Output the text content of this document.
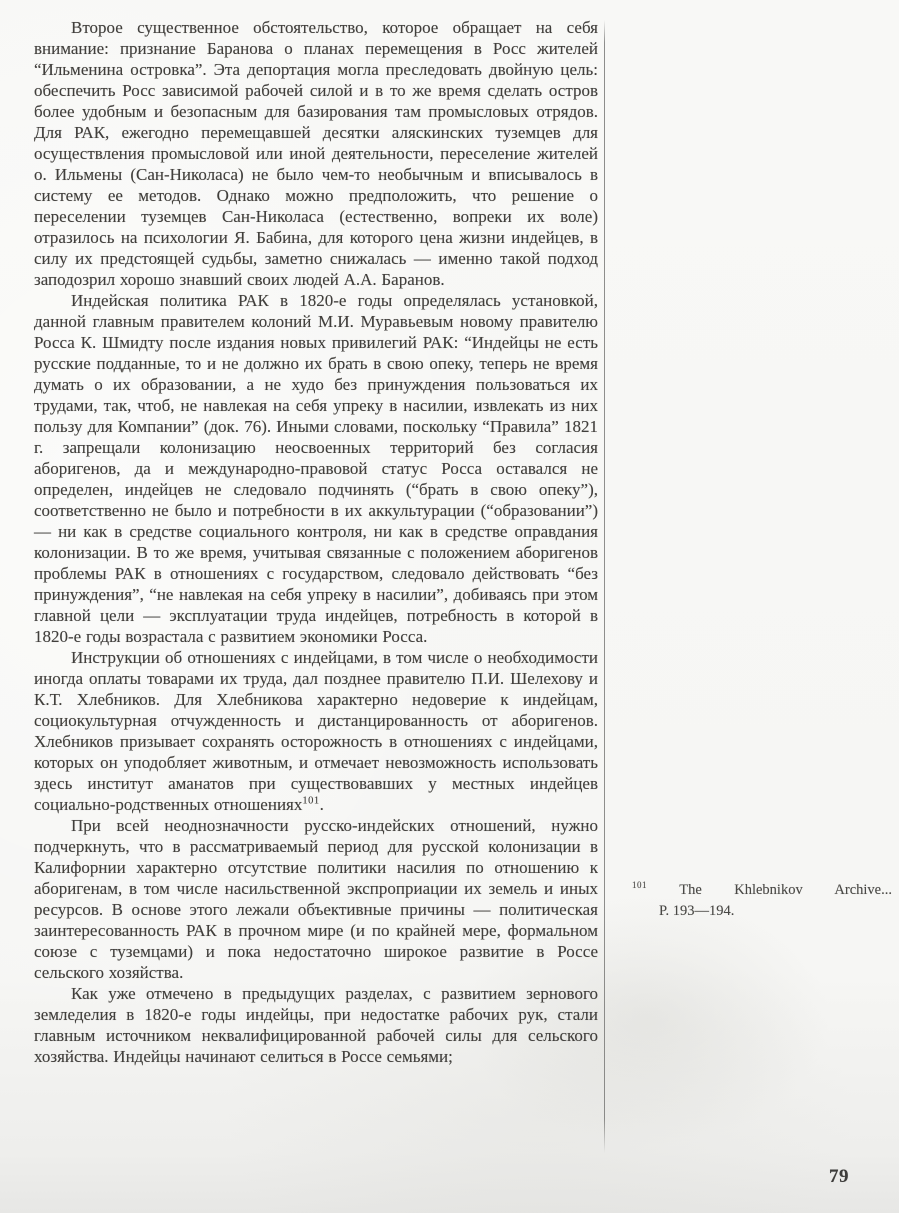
Второе существенное обстоятельство, которое обращает на себя внимание: признание Баранова о планах перемещения в Росс жителей “Ильменина островка”. Эта депортация могла преследовать двойную цель: обеспечить Росс зависимой рабочей силой и в то же время сделать остров более удобным и безопасным для базирования там промысловых отрядов. Для РАК, ежегодно перемещавшей десятки аляскинских туземцев для осуществления промысловой или иной деятельности, переселение жителей о. Ильмены (Сан-Николаса) не было чем-то необычным и вписывалось в систему ее методов. Однако можно предположить, что решение о переселении туземцев Сан-Николаса (естественно, вопреки их воле) отразилось на психологии Я. Бабина, для которого цена жизни индейцев, в силу их предстоящей судьбы, заметно снижалась — именно такой подход заподозрил хорошо знавший своих людей А.А. Баранов.

Индейская политика РАК в 1820-е годы определялась установкой, данной главным правителем колоний М.И. Муравьевым новому правителю Росса К. Шмидту после издания новых привилегий РАК: “Индейцы не есть русские подданные, то и не должно их брать в свою опеку, теперь не время думать о их образовании, а не худо без принуждения пользоваться их трудами, так, чтоб, не навлекая на себя упреку в насилии, извлекать из них пользу для Компании” (док. 76). Иными словами, поскольку “Правила” 1821 г. запрещали колонизацию неосвоенных территорий без согласия аборигенов, да и международно-правовой статус Росса оставался не определен, индейцев не следовало подчинять (“брать в свою опеку”), соответственно не было и потребности в их аккультурации (“образовании”) — ни как в средстве социального контроля, ни как в средстве оправдания колонизации. В то же время, учитывая связанные с положением аборигенов проблемы РАК в отношениях с государством, следовало действовать “без принуждения”, “не навлекая на себя упреку в насилии”, добиваясь при этом главной цели — эксплуатации труда индейцев, потребность в которой в 1820-е годы возрастала с развитием экономики Росса.

Инструкции об отношениях с индейцами, в том числе о необходимости иногда оплаты товарами их труда, дал позднее правителю П.И. Шелехову и К.Т. Хлебников. Для Хлебникова характерно недоверие к индейцам, социокультурная отчужденность и дистанцированность от аборигенов. Хлебников призывает сохранять осторожность в отношениях с индейцами, которых он уподобляет животным, и отмечает невозможность использовать здесь институт аманатов при существовавших у местных индейцев социально-родственных отношениях$^{101}$.

При всей неоднозначности русско-индейских отношений, нужно подчеркнуть, что в рассматриваемый период для русской колонизации в Калифорнии характерно отсутствие политики насилия по отношению к аборигенам, в том числе насильственной экспроприации их земель и иных ресурсов. В основе этого лежали объективные причины — политическая заинтересованность РАК в прочном мире (и по крайней мере, формальном союзе с туземцами) и пока недостаточно широкое развитие в Россе сельского хозяйства.

Как уже отмечено в предыдущих разделах, с развитием зернового земледелия в 1820-е годы индейцы, при недостатке рабочих рук, стали главным источником неквалифицированной рабочей силы для сельского хозяйства. Индейцы начинают селиться в Россе семьями;

$^{101}$ The Khlebnikov Archive...
P. 193—194.
79
